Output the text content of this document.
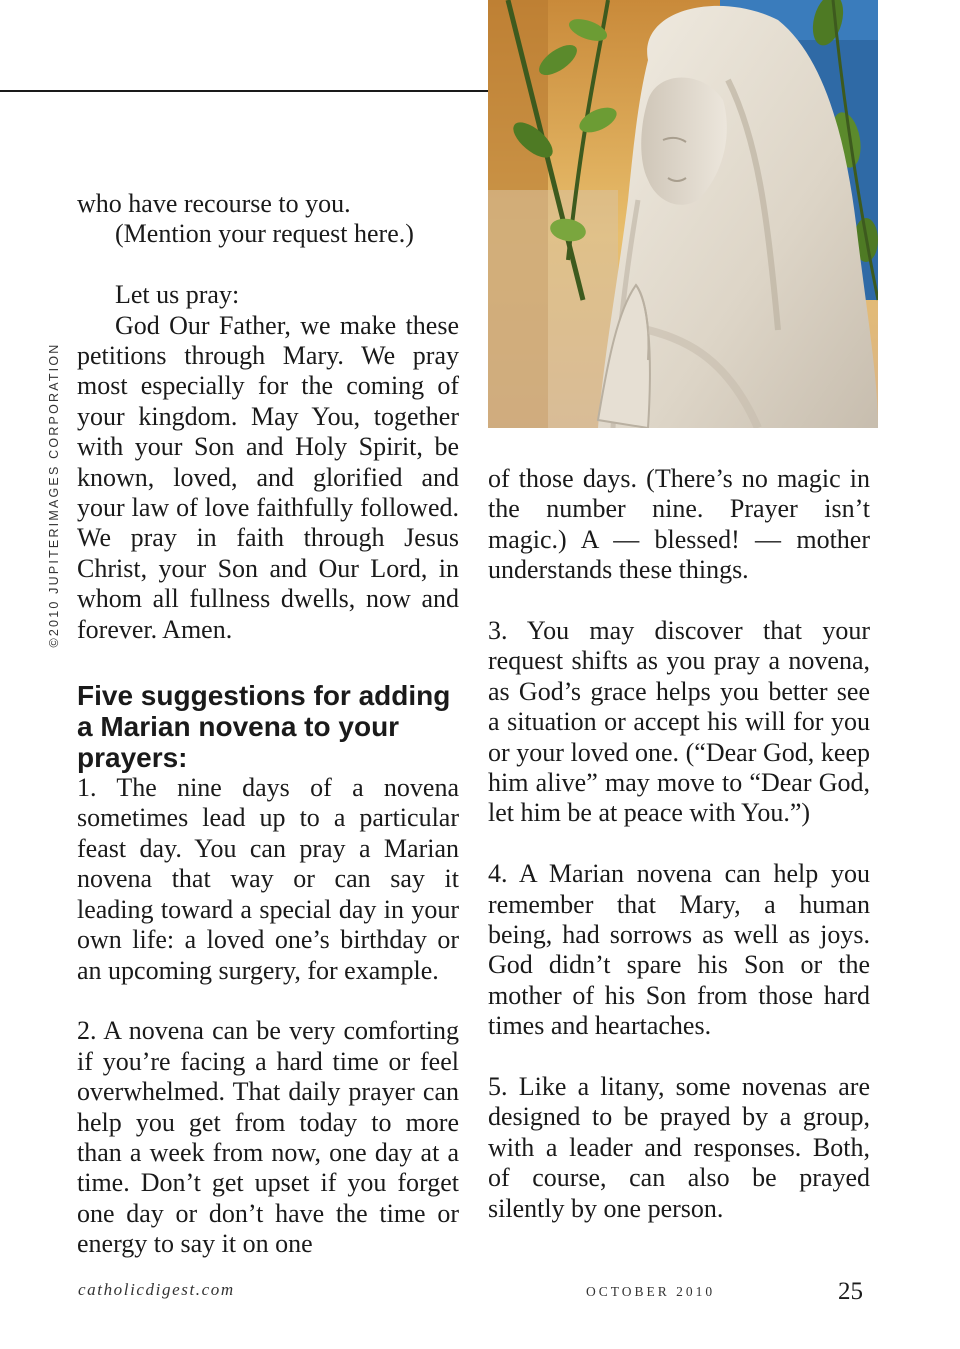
©2010 JUPITERIMAGES CORPORATION

who have recourse to you.

(Mention your request here.)

Let us pray:

God Our Father, we make these petitions through Mary. We pray most especially for the coming of your kingdom. May You, together with your Son and Holy Spirit, be known, loved, and glorified and your law of love faithfully followed. We pray in faith through Jesus Christ, your Son and Our Lord, in whom all fullness dwells, now and forever. Amen.

Five suggestions for adding a Marian novena to your prayers:

1. The nine days of a novena sometimes lead up to a particular feast day. You can pray a Marian novena that way or can say it leading toward a special day in your own life: a loved one’s birthday or an upcoming surgery, for example.

2. A novena can be very comforting if you’re facing a hard time or feel overwhelmed. That daily prayer can help you get from today to more than a week from now, one day at a time. Don’t get upset if you forget one day or don’t have the time or energy to say it on one

of those days. (There’s no magic in the number nine. Prayer isn’t magic.) A — blessed! — mother understands these things.

3. You may discover that your request shifts as you pray a novena, as God’s grace helps you better see a situation or accept his will for you or your loved one. (“Dear God, keep him alive” may move to “Dear God, let him be at peace with You.”)

4. A Marian novena can help you remember that Mary, a human being, had sorrows as well as joys. God didn’t spare his Son or the mother of his Son from those hard times and heartaches.

5. Like a litany, some novenas are designed to be prayed by a group, with a leader and responses. Both, of course, can also be prayed silently by one person.

catholicdigest.com	OCTOBER 2010	25
